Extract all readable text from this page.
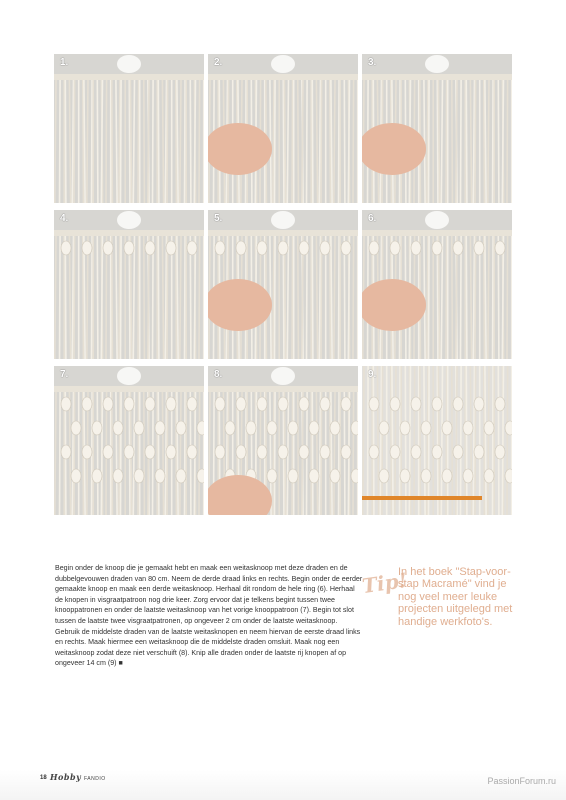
1.	2.	3.
4.	5.	6.
7.	8.	9.
Begin onder de knoop die je gemaakt hebt en maak een weitasknoop met deze draden en de dubbelgevouwen draden van 80 cm. Neem de derde draad links en rechts. Begin onder de eerder gemaakte knoop en maak een derde weitasknoop. Herhaal dit rondom de hele ring (6). Herhaal de knopen in visgraatpatroon nog drie keer. Zorg ervoor dat je telkens begint tussen twee knooppatronen en onder de laatste weitasknoop van het vorige knooppatroon (7). Begin tot slot tussen de laatste twee visgraatpatronen, op ongeveer 2 cm onder de laatste weitasknoop. Gebruik de middelste draden van de laatste weitasknopen en neem hiervan de eerste draad links en rechts. Maak hiermee een weitasknoop die de middelste draden omsluit. Maak nog een weitasknoop zodat deze niet verschuift (8). Knip alle draden onder de laatste rij knopen af op ongeveer 14 cm (9) ■
Tip!
In het boek "Stap-voor-stap Macramé" vind je nog veel meer leuke projecten uitgelegd met handige werkfoto's.
18 Hobby FANDIO	PassionForum.ru
